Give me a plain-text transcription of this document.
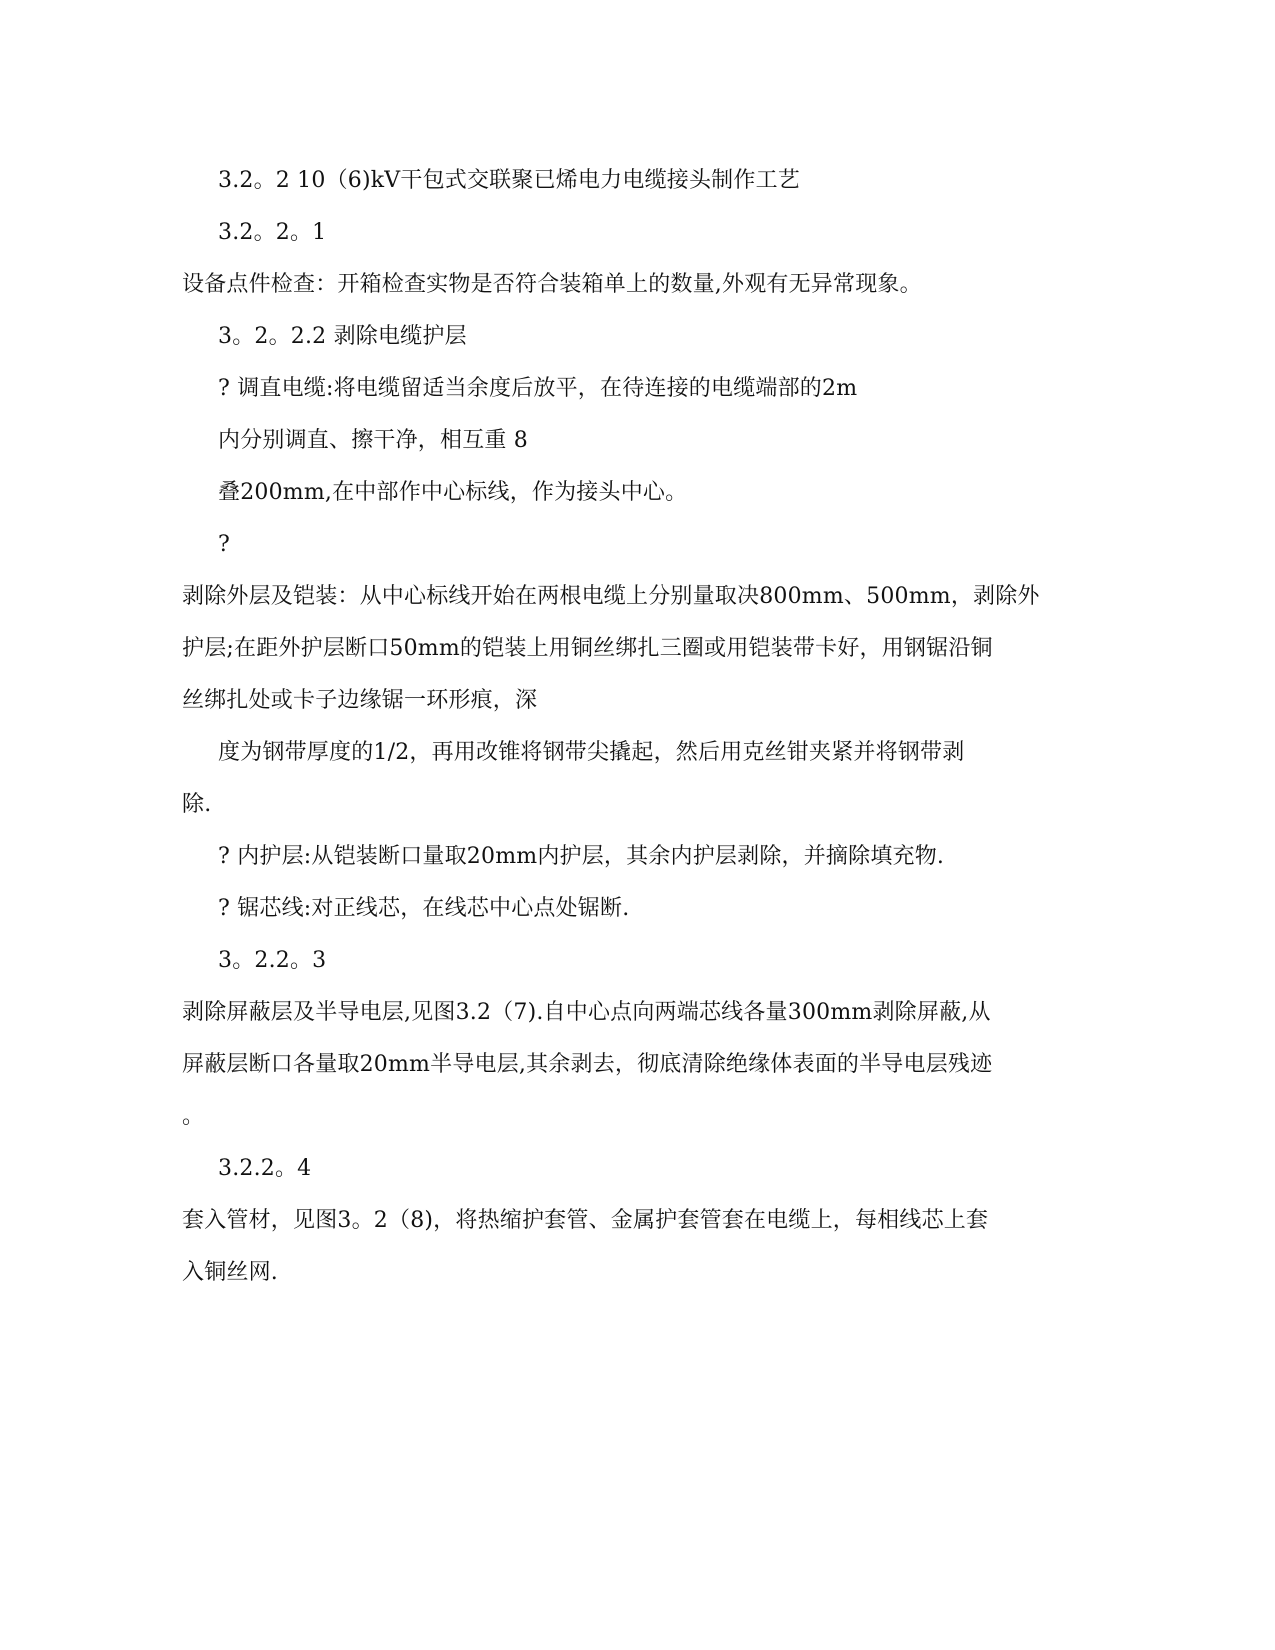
3.2。2 10（6)kV干包式交联聚已烯电力电缆接头制作工艺
3.2。2。1
设备点件检查：开箱检查实物是否符合装箱单上的数量,外观有无异常现象。
3。2。2.2 剥除电缆护层
? 调直电缆:将电缆留适当余度后放平，在待连接的电缆端部的2m
内分别调直、擦干净，相互重 8
叠200mm,在中部作中心标线，作为接头中心。
?
剥除外层及铠装：从中心标线开始在两根电缆上分别量取决800mm、500mm，剥除外
护层;在距外护层断口50mm的铠装上用铜丝绑扎三圈或用铠装带卡好，用钢锯沿铜
丝绑扎处或卡子边缘锯一环形痕，深
度为钢带厚度的1/2，再用改锥将钢带尖撬起，然后用克丝钳夹紧并将钢带剥
除.
? 内护层:从铠装断口量取20mm内护层，其余内护层剥除，并摘除填充物.
? 锯芯线:对正线芯，在线芯中心点处锯断.
3。2.2。3
剥除屏蔽层及半导电层,见图3.2（7).自中心点向两端芯线各量300mm剥除屏蔽,从
屏蔽层断口各量取20mm半导电层,其余剥去，彻底清除绝缘体表面的半导电层残迹
。
3.2.2。4
套入管材，见图3。2（8)，将热缩护套管、金属护套管套在电缆上，每相线芯上套
入铜丝网.
